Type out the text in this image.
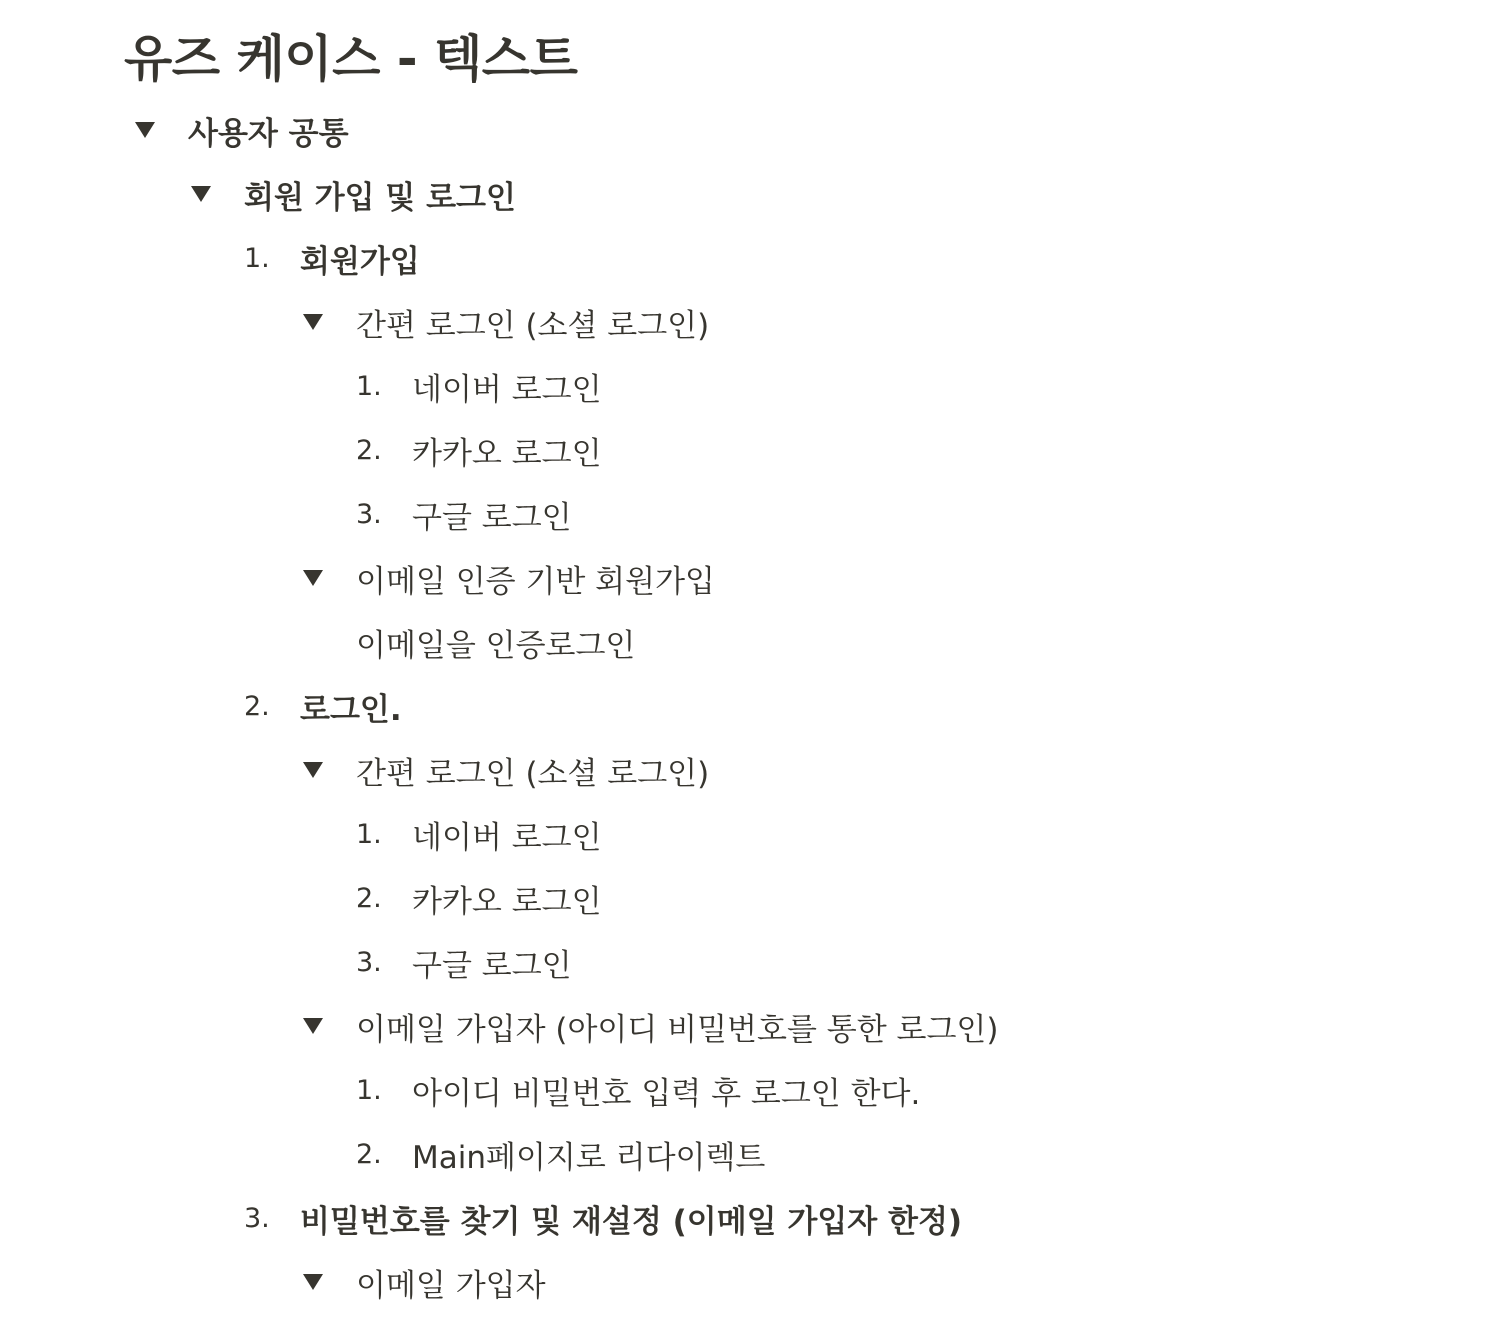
유즈 케이스 - 텍스트
사용자 공통
회원 가입 및 로그인
1. 회원가입
간편 로그인 (소셜 로그인)
1. 네이버 로그인
2. 카카오 로그인
3. 구글 로그인
이메일 인증 기반 회원가입
이메일을 인증로그인
2. 로그인.
간편 로그인 (소셜 로그인)
1. 네이버 로그인
2. 카카오 로그인
3. 구글 로그인
이메일 가입자 (아이디 비밀번호를 통한 로그인)
1. 아이디 비밀번호 입력 후 로그인 한다.
2. Main페이지로 리다이렉트
3. 비밀번호를 찾기 및 재설정 (이메일 가입자 한정)
이메일 가입자
